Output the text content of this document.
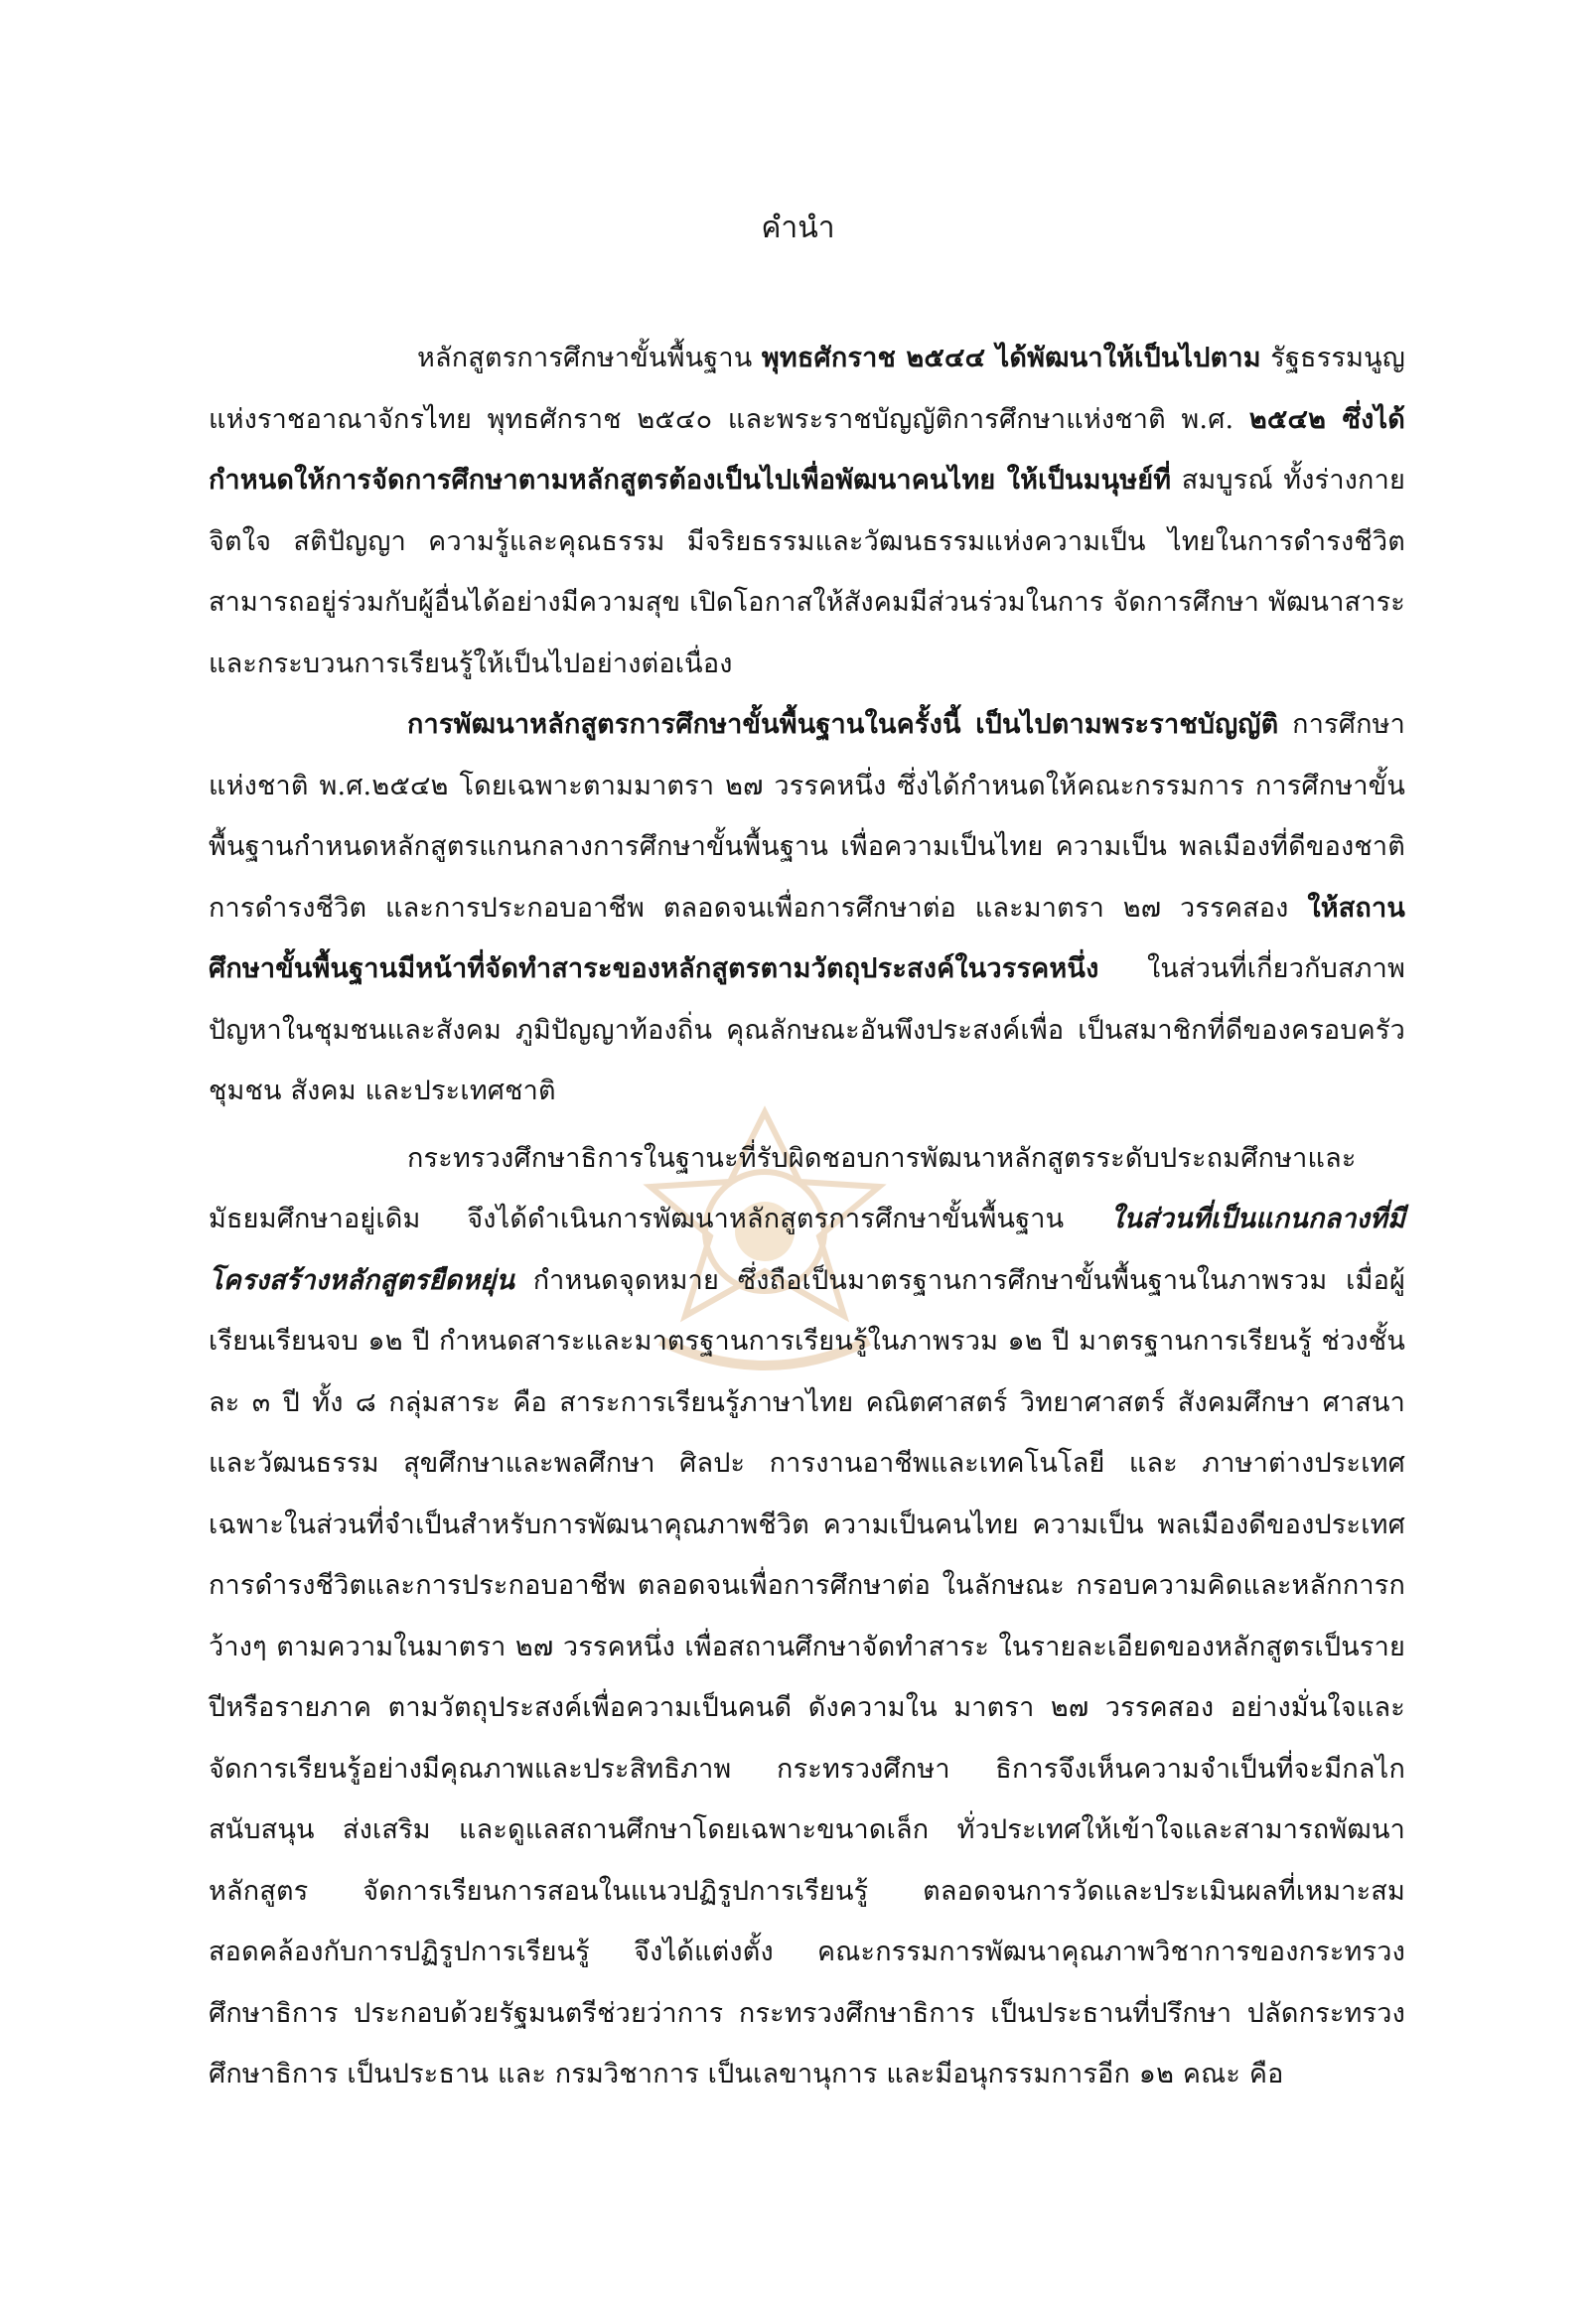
คำนำ

หลักสูตรการศึกษาขั้นพื้นฐาน พุทธศักราช ๒๕๔๔ ได้พัฒนาให้เป็นไปตาม รัฐธรรมนูญแห่งราชอาณาจักรไทย พุทธศักราช ๒๕๔๐ และพระราชบัญญัติการศึกษาแห่งชาติ พ.ศ. ๒๕๔๒ ซึ่งได้กำหนดให้การจัดการศึกษาตามหลักสูตรต้องเป็นไปเพื่อพัฒนาคนไทย ให้เป็นมนุษย์ที่ สมบูรณ์ ทั้งร่างกาย จิตใจ สติปัญญา ความรู้และคุณธรรม มีจริยธรรมและวัฒนธรรมแห่งความเป็น ไทยในการดำรงชีวิต สามารถอยู่ร่วมกับผู้อื่นได้อย่างมีความสุข เปิดโอกาสให้สังคมมีส่วนร่วมในการ จัดการศึกษา พัฒนาสาระ และกระบวนการเรียนรู้ให้เป็นไปอย่างต่อเนื่อง

การพัฒนาหลักสูตรการศึกษาขั้นพื้นฐานในครั้งนี้ เป็นไปตามพระราชบัญญัติ การศึกษาแห่งชาติ พ.ศ.๒๕๔๒ โดยเฉพาะตามมาตรา ๒๗ วรรคหนึ่ง ซึ่งได้กำหนดให้คณะกรรมการ การศึกษาขั้นพื้นฐานกำหนดหลักสูตรแกนกลางการศึกษาขั้นพื้นฐาน เพื่อความเป็นไทย ความเป็น พลเมืองที่ดีของชาติ การดำรงชีวิต และการประกอบอาชีพ ตลอดจนเพื่อการศึกษาต่อ และมาตรา ๒๗ วรรคสอง ให้สถานศึกษาขั้นพื้นฐานมีหน้าที่จัดทำสาระของหลักสูตรตามวัตถุประสงค์ในวรรคหนึ่ง ในส่วนที่เกี่ยวกับสภาพปัญหาในชุมชนและสังคม ภูมิปัญญาท้องถิ่น คุณลักษณะอันพึงประสงค์เพื่อ เป็นสมาชิกที่ดีของครอบครัว ชุมชน สังคม และประเทศชาติ

กระทรวงศึกษาธิการในฐานะที่รับผิดชอบการพัฒนาหลักสูตรระดับประถมศึกษาและ มัธยมศึกษาอยู่เดิม จึงได้ดำเนินการพัฒนาหลักสูตรการศึกษาขั้นพื้นฐาน ในส่วนที่เป็นแกนกลางที่มี โครงสร้างหลักสูตรยืดหยุ่น กำหนดจุดหมาย ซึ่งถือเป็นมาตรฐานการศึกษาขั้นพื้นฐานในภาพรวม เมื่อผู้เรียนเรียนจบ ๑๒ ปี กำหนดสาระและมาตรฐานการเรียนรู้ในภาพรวม ๑๒ ปี มาตรฐานการเรียนรู้ ช่วงชั้นละ ๓ ปี ทั้ง ๘ กลุ่มสาระ คือ สาระการเรียนรู้ภาษาไทย คณิตศาสตร์ วิทยาศาสตร์ สังคมศึกษา ศาสนาและวัฒนธรรม สุขศึกษาและพลศึกษา ศิลปะ การงานอาชีพและเทคโนโลยี และ ภาษาต่างประเทศ เฉพาะในส่วนที่จำเป็นสำหรับการพัฒนาคุณภาพชีวิต ความเป็นคนไทย ความเป็น พลเมืองดีของประเทศ การดำรงชีวิตและการประกอบอาชีพ ตลอดจนเพื่อการศึกษาต่อ ในลักษณะ กรอบความคิดและหลักการกว้างๆ ตามความในมาตรา ๒๗ วรรคหนึ่ง เพื่อสถานศึกษาจัดทำสาระ ในรายละเอียดของหลักสูตรเป็นรายปีหรือรายภาค ตามวัตถุประสงค์เพื่อความเป็นคนดี ดังความใน มาตรา ๒๗ วรรคสอง อย่างมั่นใจและจัดการเรียนรู้อย่างมีคุณภาพและประสิทธิภาพ กระทรวงศึกษา ธิการจึงเห็นความจำเป็นที่จะมีกลไกสนับสนุน ส่งเสริม และดูแลสถานศึกษาโดยเฉพาะขนาดเล็ก ทั่วประเทศให้เข้าใจและสามารถพัฒนาหลักสูตร จัดการเรียนการสอนในแนวปฏิรูปการเรียนรู้ ตลอดจนการวัดและประเมินผลที่เหมาะสมสอดคล้องกับการปฏิรูปการเรียนรู้ จึงได้แต่งตั้ง คณะกรรมการพัฒนาคุณภาพวิชาการของกระทรวงศึกษาธิการ ประกอบด้วยรัฐมนตรีช่วยว่าการ กระทรวงศึกษาธิการ เป็นประธานที่ปรึกษา ปลัดกระทรวงศึกษาธิการ เป็นประธาน และ กรมวิชาการ เป็นเลขานุการ และมีอนุกรรมการอีก ๑๒ คณะ คือ
